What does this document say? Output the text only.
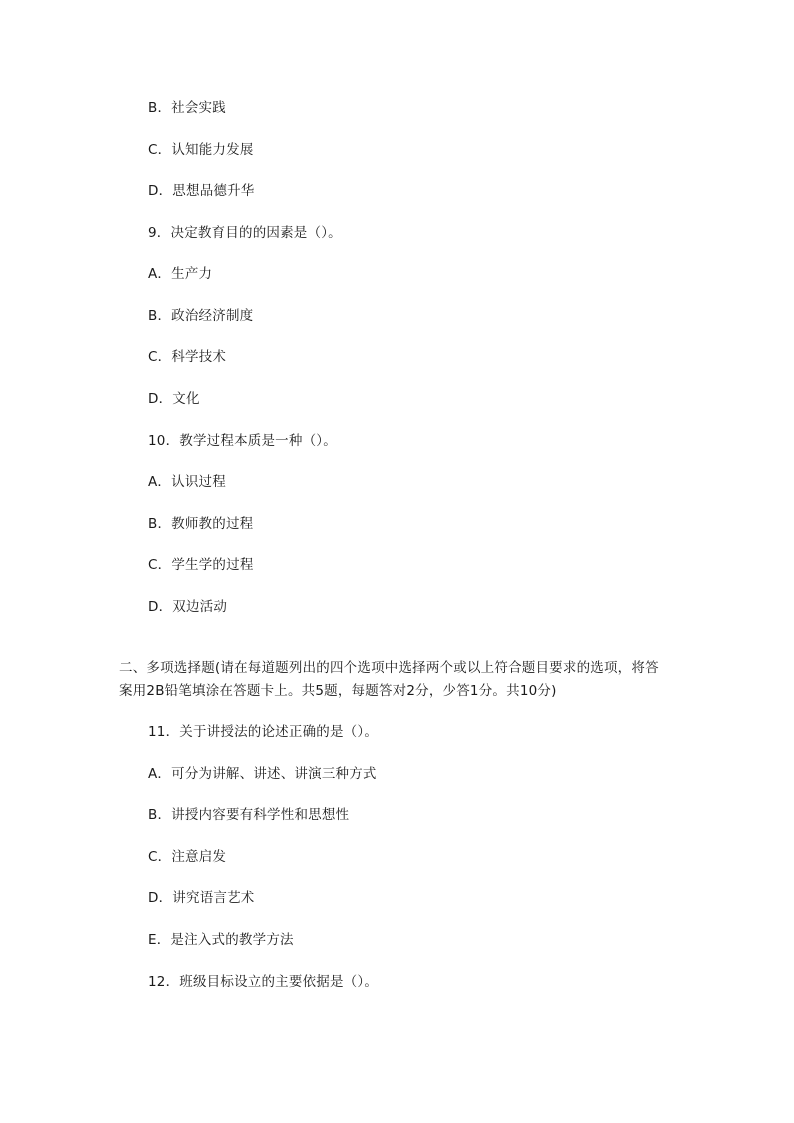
B．社会实践
C．认知能力发展
D．思想品德升华
9．决定教育目的的因素是（）。
A．生产力
B．政治经济制度
C．科学技术
D．文化
10．教学过程本质是一种（）。
A．认识过程
B．教师教的过程
C．学生学的过程
D．双边活动
二、多项选择题(请在每道题列出的四个选项中选择两个或以上符合题目要求的选项，将答
案用2B铅笔填涂在答题卡上。共5题，每题答对2分，少答1分。共10分)
11．关于讲授法的论述正确的是（）。
A．可分为讲解、讲述、讲演三种方式
B．讲授内容要有科学性和思想性
C．注意启发
D．讲究语言艺术
E．是注入式的教学方法
12．班级目标设立的主要依据是（）。
